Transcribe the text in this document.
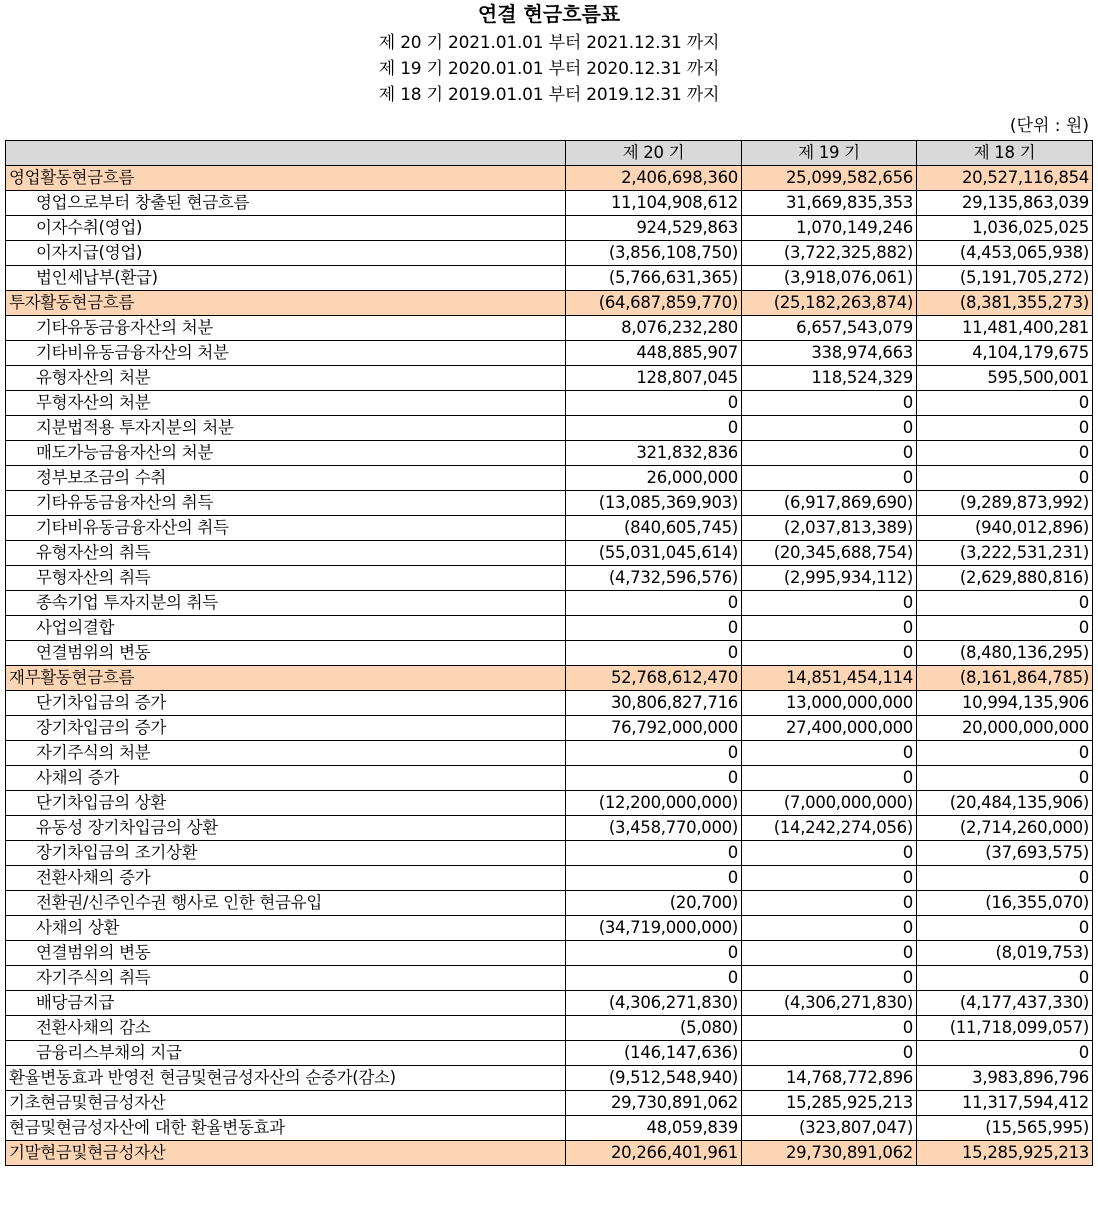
연결 현금흐름표
제 20 기 2021.01.01 부터 2021.12.31 까지
제 19 기 2020.01.01 부터 2020.12.31 까지
제 18 기 2019.01.01 부터 2019.12.31 까지
(단위 : 원)
	제 20 기	제 19 기	제 18 기
영업활동현금흐름	2,406,698,360	25,099,582,656	20,527,116,854
영업으로부터 창출된 현금흐름	11,104,908,612	31,669,835,353	29,135,863,039
이자수취(영업)	924,529,863	1,070,149,246	1,036,025,025
이자지급(영업)	(3,856,108,750)	(3,722,325,882)	(4,453,065,938)
법인세납부(환급)	(5,766,631,365)	(3,918,076,061)	(5,191,705,272)
투자활동현금흐름	(64,687,859,770)	(25,182,263,874)	(8,381,355,273)
기타유동금융자산의 처분	8,076,232,280	6,657,543,079	11,481,400,281
기타비유동금융자산의 처분	448,885,907	338,974,663	4,104,179,675
유형자산의 처분	128,807,045	118,524,329	595,500,001
무형자산의 처분	0	0	0
지분법적용 투자지분의 처분	0	0	0
매도가능금융자산의 처분	321,832,836	0	0
정부보조금의 수취	26,000,000	0	0
기타유동금융자산의 취득	(13,085,369,903)	(6,917,869,690)	(9,289,873,992)
기타비유동금융자산의 취득	(840,605,745)	(2,037,813,389)	(940,012,896)
유형자산의 취득	(55,031,045,614)	(20,345,688,754)	(3,222,531,231)
무형자산의 취득	(4,732,596,576)	(2,995,934,112)	(2,629,880,816)
종속기업 투자지분의 취득	0	0	0
사업의결합	0	0	0
연결범위의 변동	0	0	(8,480,136,295)
재무활동현금흐름	52,768,612,470	14,851,454,114	(8,161,864,785)
단기차입금의 증가	30,806,827,716	13,000,000,000	10,994,135,906
장기차입금의 증가	76,792,000,000	27,400,000,000	20,000,000,000
자기주식의 처분	0	0	0
사채의 증가	0	0	0
단기차입금의 상환	(12,200,000,000)	(7,000,000,000)	(20,484,135,906)
유동성 장기차입금의 상환	(3,458,770,000)	(14,242,274,056)	(2,714,260,000)
장기차입금의 조기상환	0	0	(37,693,575)
전환사채의 증가	0	0	0
전환권/신주인수권 행사로 인한 현금유입	(20,700)	0	(16,355,070)
사채의 상환	(34,719,000,000)	0	0
연결범위의 변동	0	0	(8,019,753)
자기주식의 취득	0	0	0
배당금지급	(4,306,271,830)	(4,306,271,830)	(4,177,437,330)
전환사채의 감소	(5,080)	0	(11,718,099,057)
금융리스부채의 지급	(146,147,636)	0	0
환율변동효과 반영전 현금및현금성자산의 순증가(감소)	(9,512,548,940)	14,768,772,896	3,983,896,796
기초현금및현금성자산	29,730,891,062	15,285,925,213	11,317,594,412
현금및현금성자산에 대한 환율변동효과	48,059,839	(323,807,047)	(15,565,995)
기말현금및현금성자산	20,266,401,961	29,730,891,062	15,285,925,213
